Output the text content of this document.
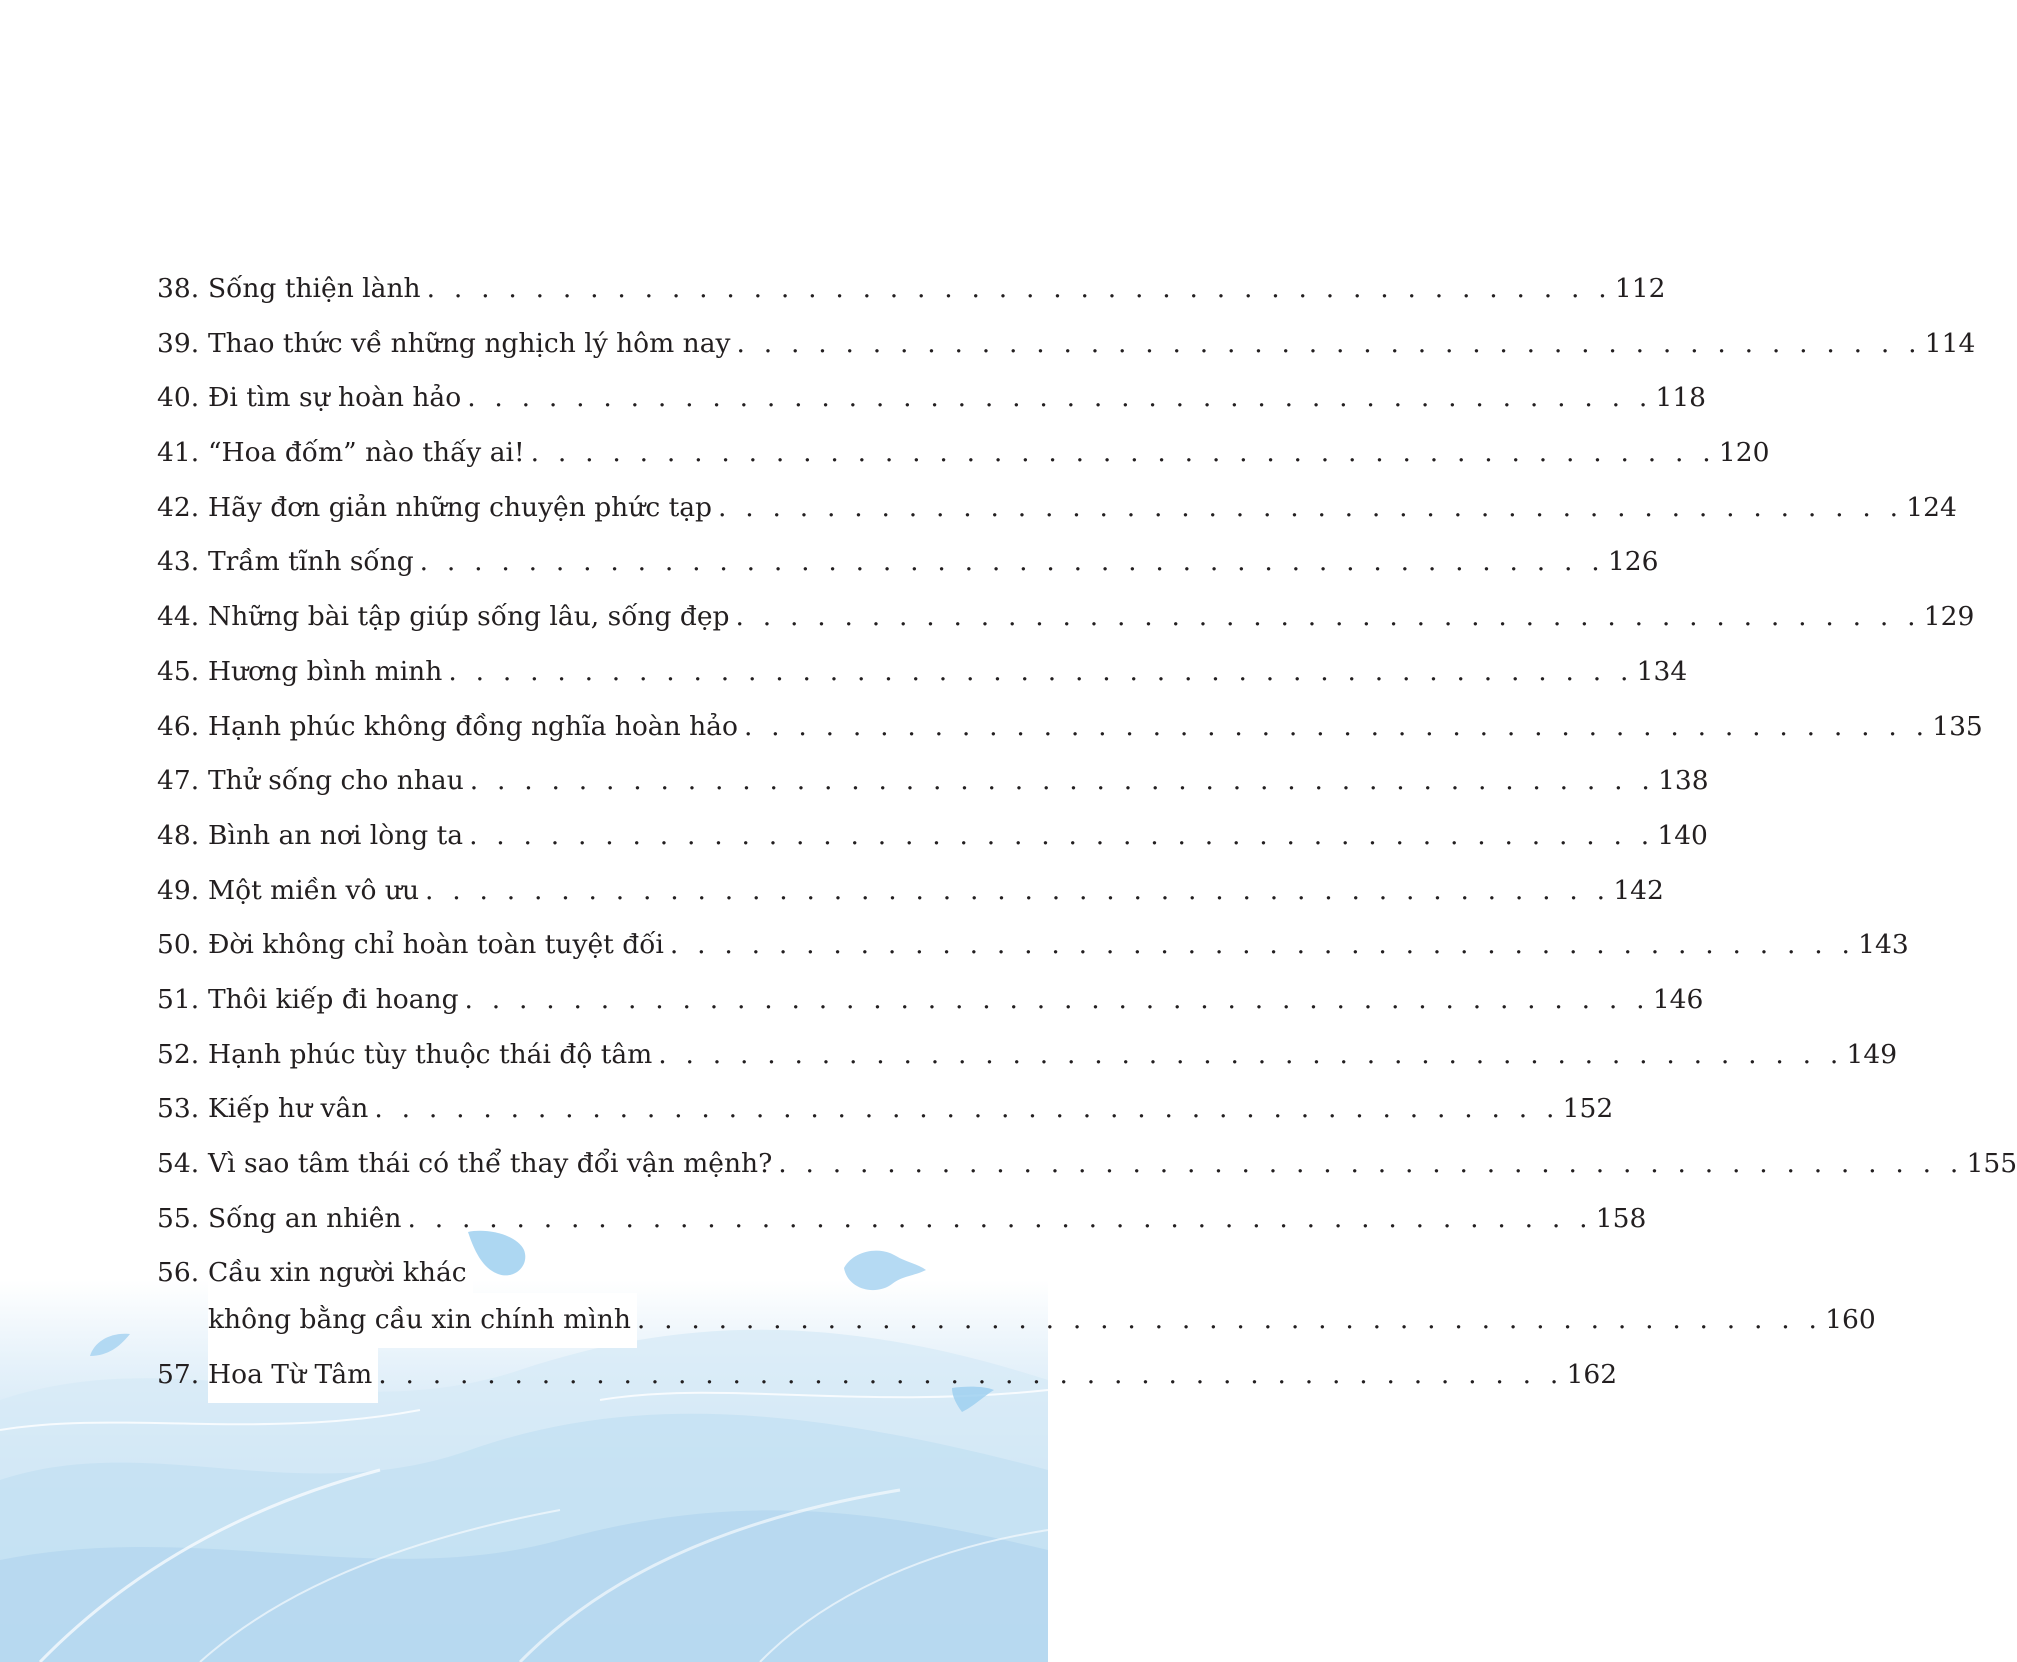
38. Sống thiện lành . . . . . . . . . . . . . . . . . . . . . . . . . . . . . . . . . . . . . . . . . . . . 112
39. Thao thức về những nghịch lý hôm nay . . . . . . . . . . . . . . . . . . . . . . . . . . . . . . . . . . . . . . . . . . . . 114
40. Đi tìm sự hoàn hảo . . . . . . . . . . . . . . . . . . . . . . . . . . . . . . . . . . . . . . . . . . . . 118
41. “Hoa đốm” nào thấy ai! . . . . . . . . . . . . . . . . . . . . . . . . . . . . . . . . . . . . . . . . . . . . 120
42. Hãy đơn giản những chuyện phức tạp . . . . . . . . . . . . . . . . . . . . . . . . . . . . . . . . . . . . . . . . . . . . 124
43. Trầm tĩnh sống . . . . . . . . . . . . . . . . . . . . . . . . . . . . . . . . . . . . . . . . . . . . 126
44. Những bài tập giúp sống lâu, sống đẹp . . . . . . . . . . . . . . . . . . . . . . . . . . . . . . . . . . . . . . . . . . . . 129
45. Hương bình minh . . . . . . . . . . . . . . . . . . . . . . . . . . . . . . . . . . . . . . . . . . . . 134
46. Hạnh phúc không đồng nghĩa hoàn hảo . . . . . . . . . . . . . . . . . . . . . . . . . . . . . . . . . . . . . . . . . . . . 135
47. Thử sống cho nhau . . . . . . . . . . . . . . . . . . . . . . . . . . . . . . . . . . . . . . . . . . . . 138
48. Bình an nơi lòng ta . . . . . . . . . . . . . . . . . . . . . . . . . . . . . . . . . . . . . . . . . . . . 140
49. Một miền vô ưu . . . . . . . . . . . . . . . . . . . . . . . . . . . . . . . . . . . . . . . . . . . . 142
50. Đời không chỉ hoàn toàn tuyệt đối . . . . . . . . . . . . . . . . . . . . . . . . . . . . . . . . . . . . . . . . . . . . 143
51. Thôi kiếp đi hoang . . . . . . . . . . . . . . . . . . . . . . . . . . . . . . . . . . . . . . . . . . . . 146
52. Hạnh phúc tùy thuộc thái độ tâm . . . . . . . . . . . . . . . . . . . . . . . . . . . . . . . . . . . . . . . . . . . . 149
53. Kiếp hư vân . . . . . . . . . . . . . . . . . . . . . . . . . . . . . . . . . . . . . . . . . . . . 152
54. Vì sao tâm thái có thể thay đổi vận mệnh? . . . . . . . . . . . . . . . . . . . . . . . . . . . . . . . . . . . . . . . . . . . . 155
55. Sống an nhiên . . . . . . . . . . . . . . . . . . . . . . . . . . . . . . . . . . . . . . . . . . . . 158
56. Cầu xin người khác
không bằng cầu xin chính mình . . . . . . . . . . . . . . . . . . . . . . . . . . . . . . . . . . . . . . . . . . . . 160
57. Hoa Từ Tâm . . . . . . . . . . . . . . . . . . . . . . . . . . . . . . . . . . . . . . . . . . . . 162
